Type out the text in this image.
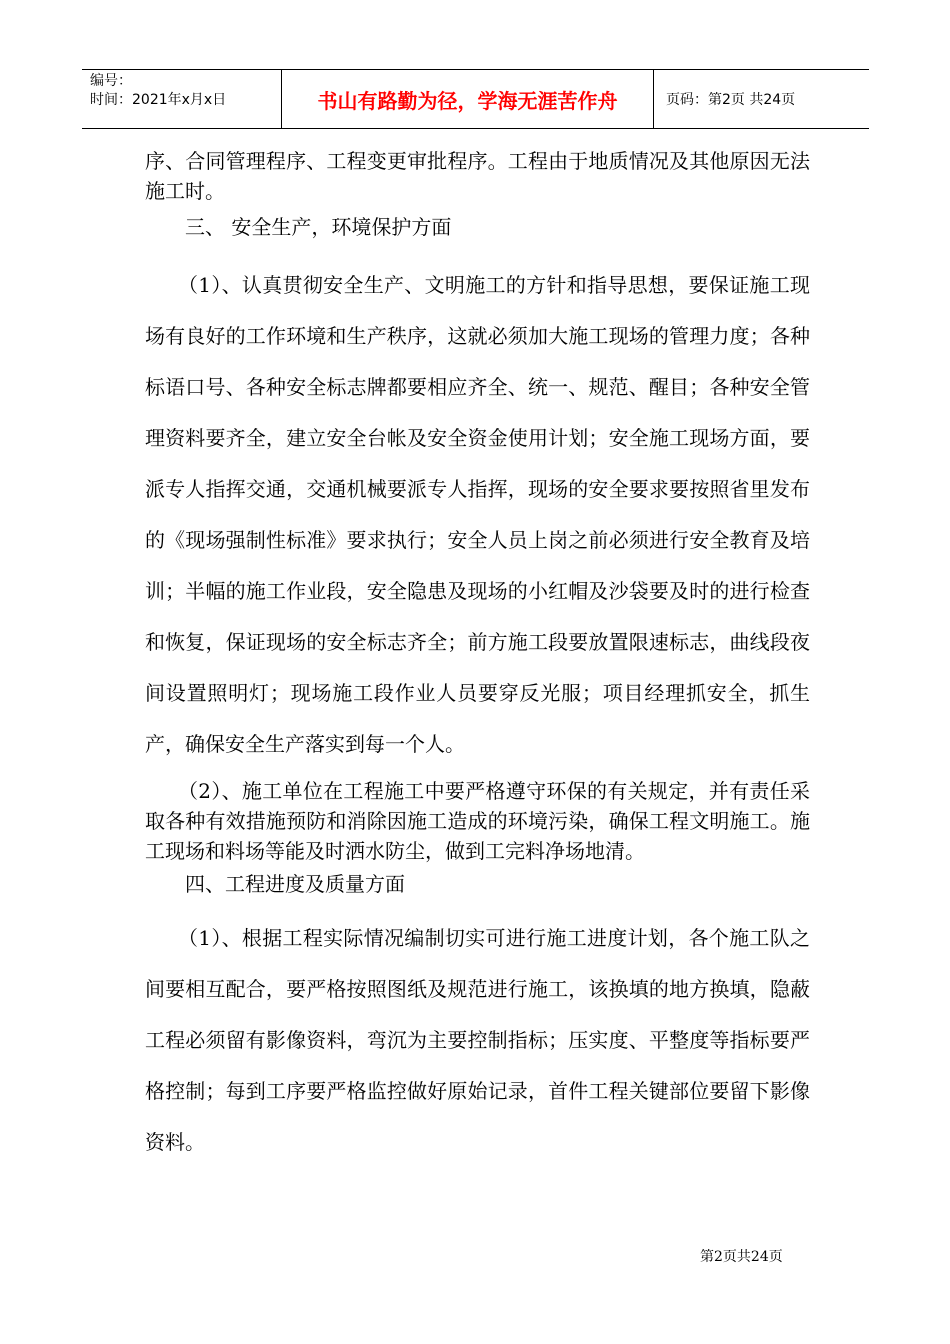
编号：
时间：2021年x月x日	书山有路勤为径，学海无涯苦作舟	页码：第2页 共24页

序、合同管理程序、工程变更审批程序。工程由于地质情况及其他原因无法施工时。

三、 安全生产，环境保护方面

（1）、认真贯彻安全生产、文明施工的方针和指导思想，要保证施工现场有良好的工作环境和生产秩序，这就必须加大施工现场的管理力度；各种标语口号、各种安全标志牌都要相应齐全、统一、规范、醒目；各种安全管理资料要齐全，建立安全台帐及安全资金使用计划；安全施工现场方面，要派专人指挥交通，交通机械要派专人指挥，现场的安全要求要按照省里发布的《现场强制性标准》要求执行；安全人员上岗之前必须进行安全教育及培训；半幅的施工作业段，安全隐患及现场的小红帽及沙袋要及时的进行检查和恢复，保证现场的安全标志齐全；前方施工段要放置限速标志，曲线段夜间设置照明灯；现场施工段作业人员要穿反光服；项目经理抓安全，抓生产，确保安全生产落实到每一个人。

（2）、施工单位在工程施工中要严格遵守环保的有关规定，并有责任采取各种有效措施预防和消除因施工造成的环境污染，确保工程文明施工。施工现场和料场等能及时洒水防尘，做到工完料净场地清。

四、工程进度及质量方面

（1）、根据工程实际情况编制切实可进行施工进度计划，各个施工队之间要相互配合，要严格按照图纸及规范进行施工，该换填的地方换填，隐蔽工程必须留有影像资料，弯沉为主要控制指标；压实度、平整度等指标要严格控制；每到工序要严格监控做好原始记录，首件工程关键部位要留下影像资料。

第2页共24页
